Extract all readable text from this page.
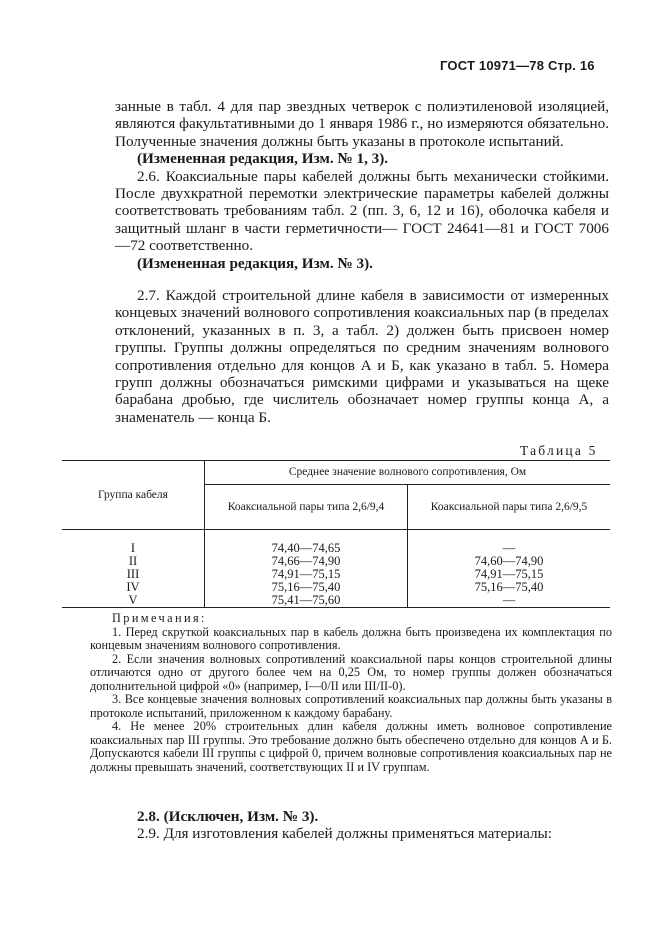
ГОСТ 10971—78 Стр. 16

занные в табл. 4 для пар звездных четверок с полиэтиленовой изоляцией, являются факультативными до 1 января 1986 г., но измеряются обязательно. Полученные значения должны быть указаны в протоколе испытаний.

(Измененная редакция, Изм. № 1, 3).

2.6. Коаксиальные пары кабелей должны быть механически стойкими. После двухкратной перемотки электрические параметры кабелей должны соответствовать требованиям табл. 2 (пп. 3, 6, 12 и 16), оболочка кабеля и защитный шланг в части герметичности— ГОСТ 24641—81 и ГОСТ 7006—72 соответственно.

(Измененная редакция, Изм. № 3).

2.7. Каждой строительной длине кабеля в зависимости от измеренных концевых значений волнового сопротивления коаксиальных пар (в пределах отклонений, указанных в п. 3, а табл. 2) должен быть присвоен номер группы. Группы должны определяться по средним значениям волнового сопротивления отдельно для концов А и Б, как указано в табл. 5. Номера групп должны обозначаться римскими цифрами и указываться на щеке барабана дробью, где числитель обозначает номер группы конца А, а знаменатель — конца Б.

Таблица 5
Группа кабеля	Среднее значение волнового сопротивления, Ом	
	Коаксиальной пары типа 2,6/9,4	Коаксиальной пары типа 2,6/9,5
I	74,40—74,65	—
II	74,66—74,90	74,60—74,90
III	74,91—75,15	74,91—75,15
IV	75,16—75,40	75,16—75,40
V	75,41—75,60	—

Примечания:

1. Перед скруткой коаксиальных пар в кабель должна быть произведена их комплектация по концевым значениям волнового сопротивления.

2. Если значения волновых сопротивлений коаксиальной пары концов строительной длины отличаются одно от другого более чем на 0,25 Ом, то номер группы должен обозначаться дополнительной цифрой «0» (например, I—0/II или III/II-0).

3. Все концевые значения волновых сопротивлений коаксиальных пар должны быть указаны в протоколе испытаний, приложенном к каждому барабану.

4. Не менее 20% строительных длин кабеля должны иметь волновое сопротивление коаксиальных пар III группы. Это требование должно быть обеспечено отдельно для концов А и Б. Допускаются кабели III группы с цифрой 0, причем волновые сопротивления коаксиальных пар не должны превышать значений, соответствующих II и IV группам.

2.8. (Исключен, Изм. № 3).

2.9. Для изготовления кабелей должны применяться материалы:
